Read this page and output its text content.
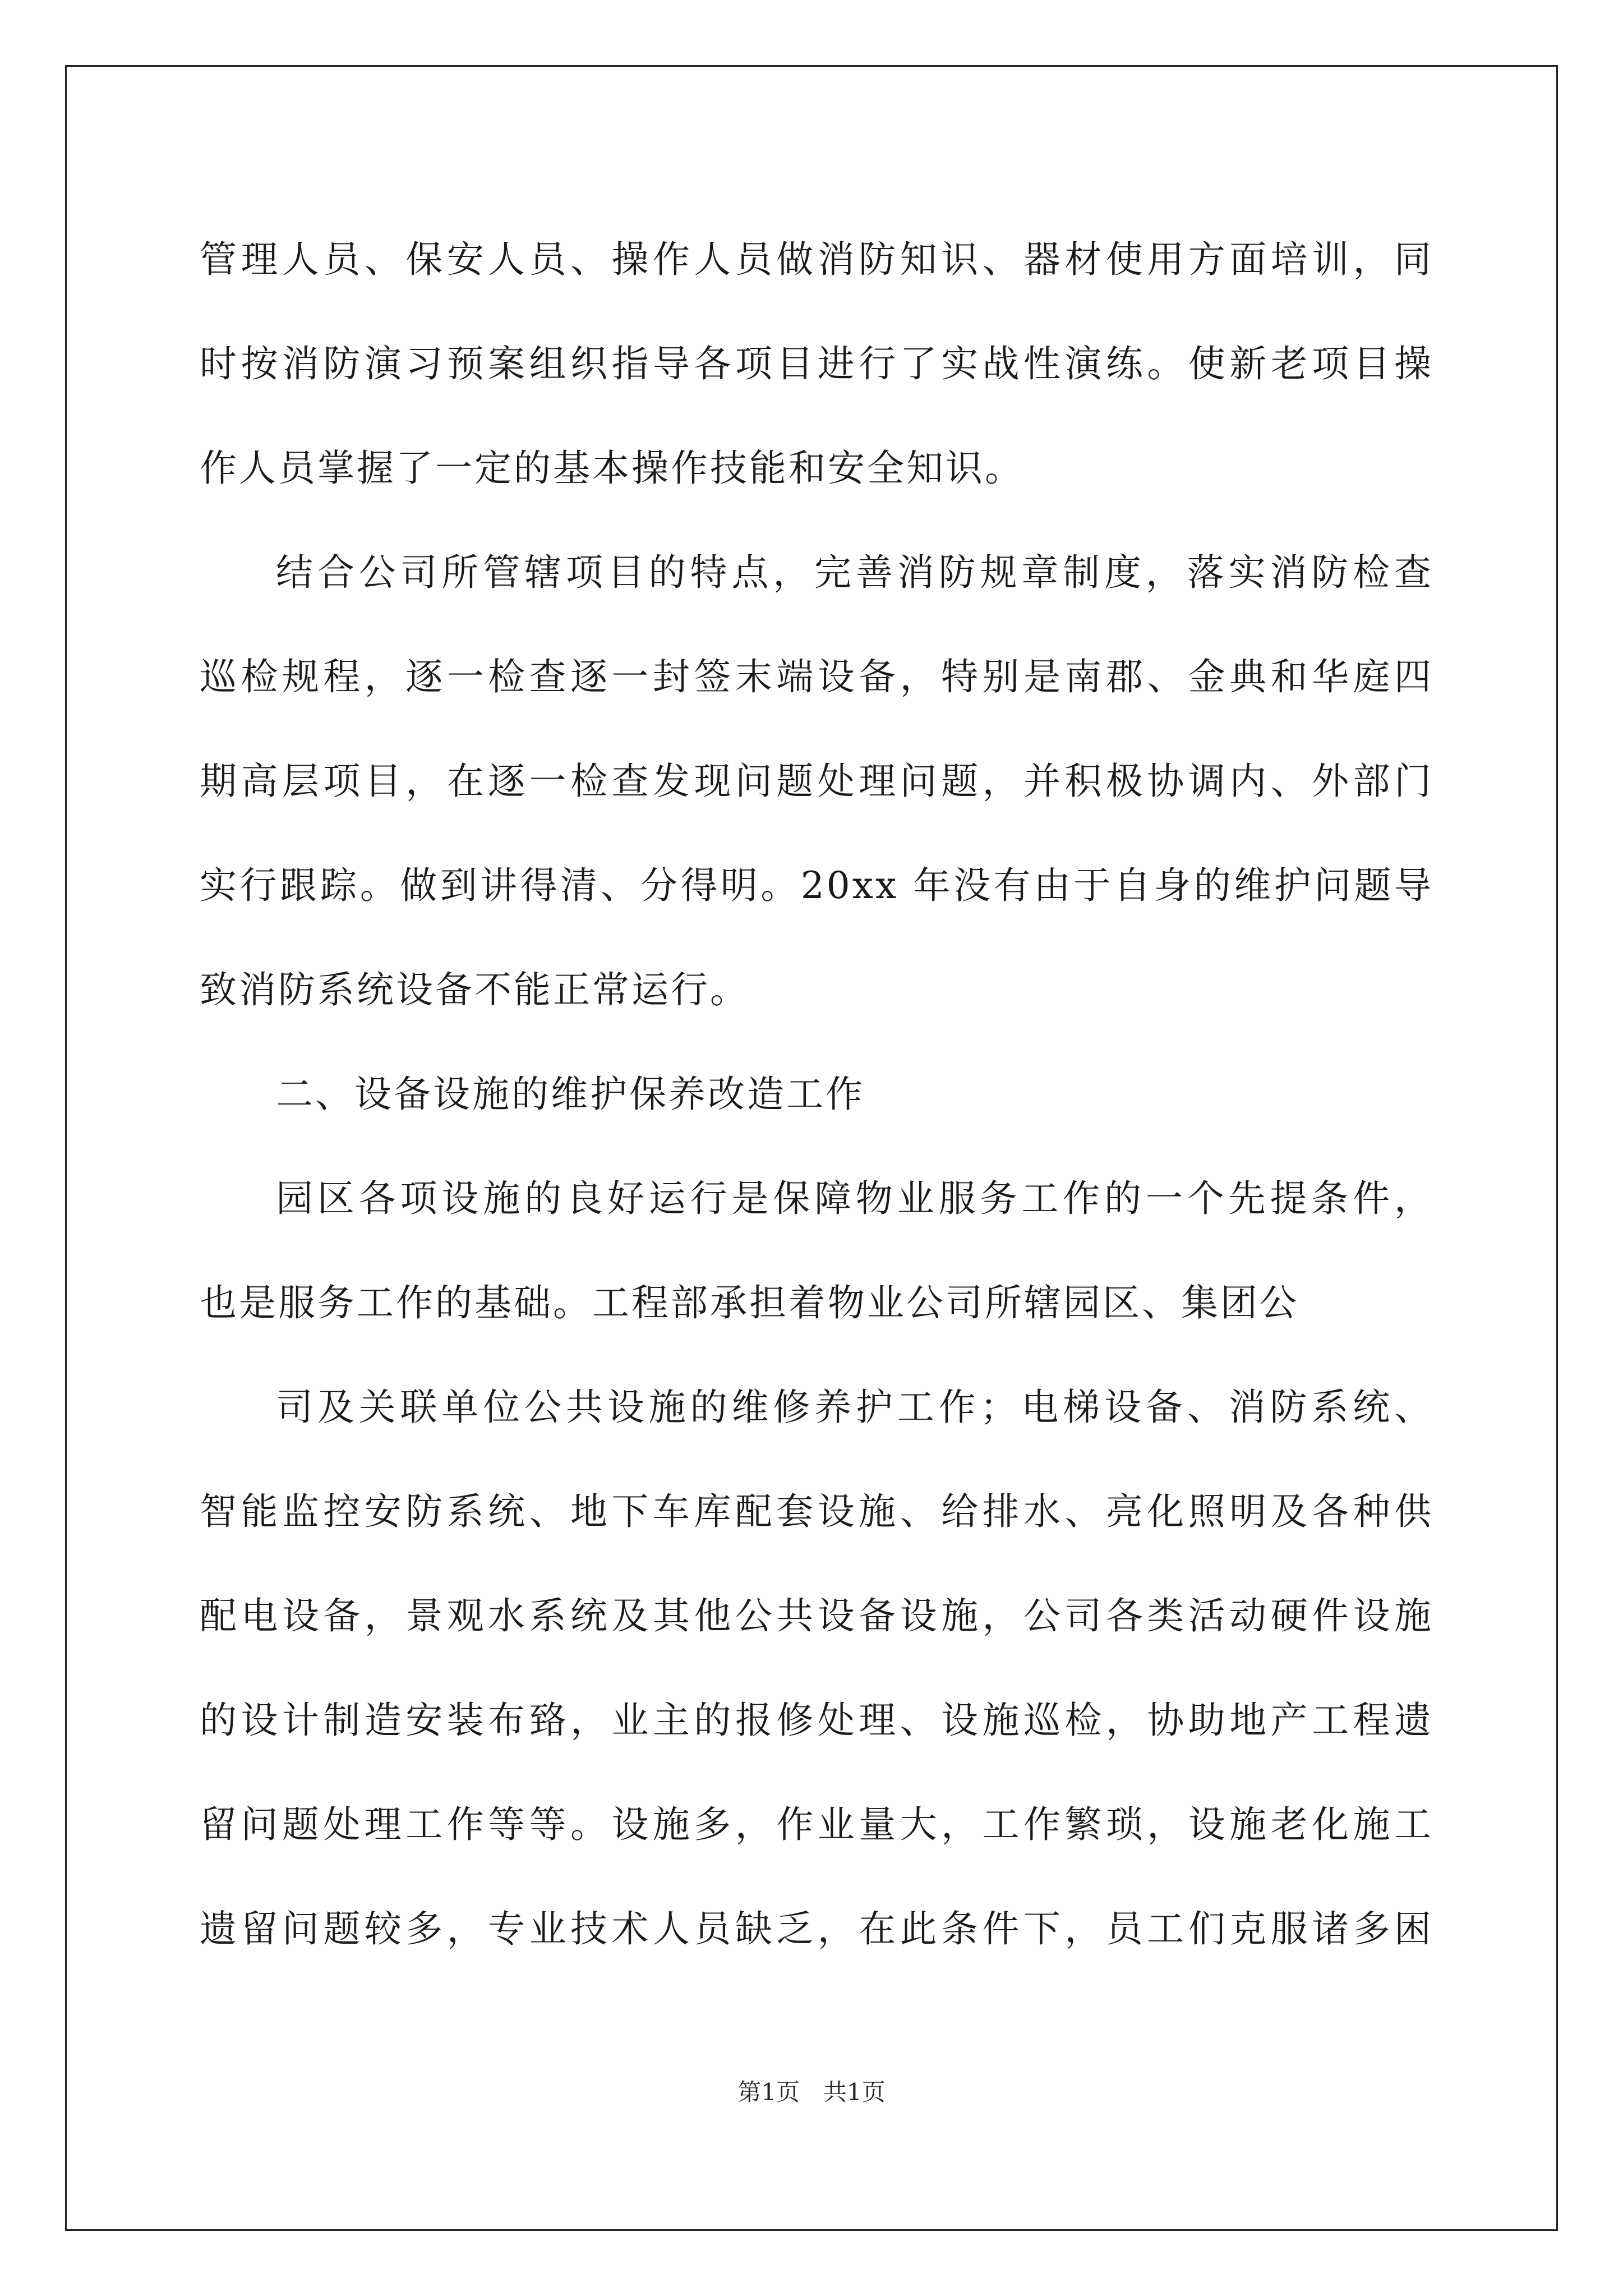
管理人员、保安人员、操作人员做消防知识、器材使用方面培训，同
时按消防演习预案组织指导各项目进行了实战性演练。使新老项目操
作人员掌握了一定的基本操作技能和安全知识。
结合公司所管辖项目的特点，完善消防规章制度，落实消防检查
巡检规程，逐一检查逐一封签末端设备，特别是南郡、金典和华庭四
期高层项目，在逐一检查发现问题处理问题，并积极协调内、外部门
实行跟踪。做到讲得清、分得明。20xx 年没有由于自身的维护问题导
致消防系统设备不能正常运行。
二、设备设施的维护保养改造工作
园区各项设施的良好运行是保障物业服务工作的一个先提条件，
也是服务工作的基础。工程部承担着物业公司所辖园区、集团公
司及关联单位公共设施的维修养护工作；电梯设备、消防系统、
智能监控安防系统、地下车库配套设施、给排水、亮化照明及各种供
配电设备，景观水系统及其他公共设备设施，公司各类活动硬件设施
的设计制造安装布臵，业主的报修处理、设施巡检，协助地产工程遗
留问题处理工作等等。设施多，作业量大，工作繁琐，设施老化施工
遗留问题较多，专业技术人员缺乏，在此条件下，员工们克服诸多困
第1页　共1页
